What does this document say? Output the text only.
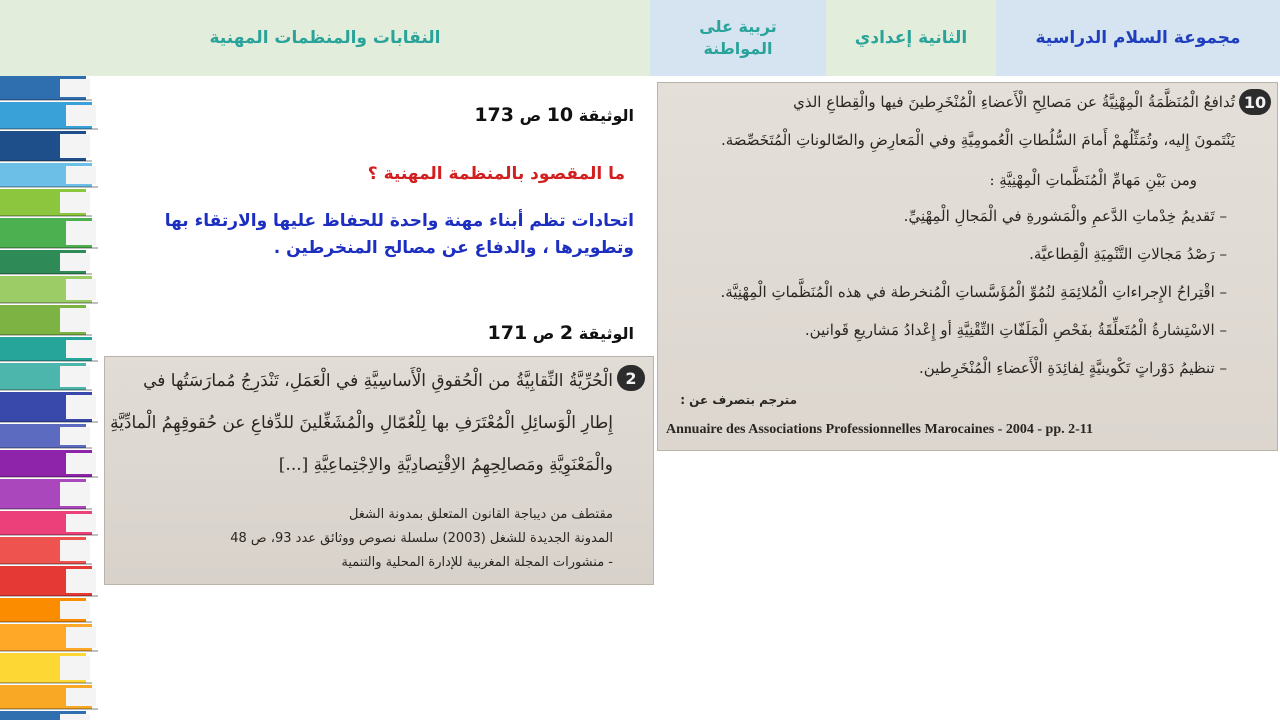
النقابات والمنظمات المهنية
تربية على المواطنة
الثانية إعدادي	مجموعة السلام الدراسية
الوثيقة 10 ص 173
ما المقصود بالمنظمة المهنية ؟
اتحادات تظم أبناء مهنة واحدة للحفاظ عليها والارتقاء بها وتطويرها ، والدفاع عن مصالح المنخرطين .
الوثيقة 2 ص 171
10
تُدافعُ الْمُنَظَّمَةُ الْمِهْنِيَّةُ عن مَصالِحِ الْأَعضاءِ الْمُنْخَرِطينَ فيها والْقِطاعِ الذي
يَنْتَمونَ إِليه، وتُمَثِّلُهمْ أَمامَ السُّلُطاتِ الْعُمومِيَّةِ وفي الْمَعارِضِ والصّالوناتِ الْمُتَخَصِّصَة.
ومن بَيْنِ مَهامِّ الْمُنَظَّماتِ الْمِهْنِيَّةِ :
– تَقديمُ خِدْماتِ الدَّعمِ والْمَشورةِ في الْمَجالِ الْمِهْنِيِّ.
– رَصْدُ مَجالاتِ التَّنْمِيَةِ الْقِطاعيَّة.
– اقْتِراحُ الإِجراءاتِ الْمُلائِمَةِ لنُمُوِّ الْمُؤَسَّساتِ الْمُنخرطة في هذه الْمُنَظَّماتِ الْمِهْنِيَّة.
– الاسْتِشارةُ الْمُتَعلِّقَةُ بفَحْصِ الْمَلَفّاتِ التِّقْنِيَّةِ أو إِعْدادُ مَشاريعِ قَوانين.
– تنظيمُ دَوْراتٍ تَكْوينيَّةٍ لِفائِدَةِ الْأَعضاءِ الْمُنْخَرِطين.
مترجم بتصرف عن :
Annuaire des Associations Professionnelles Marocaines - 2004 - pp. 2-11
2
الْحُرِّيَّةُ النِّقابِيَّةُ من الْحُقوقِ الْأَساسِيَّةِ في الْعَمَلِ، تَنْدَرِجُ مُمارَسَتُها في
إِطارِ الْوَسائِلِ الْمُعْتَرَفِ بها لِلْعُمّالِ والْمُشَغِّلينَ للدِّفاعِ عن حُقوقِهِمُ الْمادِّيَّةِ
والْمَعْنَوِيَّةِ ومَصالِحِهِمُ الاِقْتِصادِيَّةِ والاِجْتِماعِيَّةِ [...]
مقتطف من ديباجة القانون المتعلق بمدونة الشغل
المدونة الجديدة للشغل (2003) سلسلة نصوص ووثائق عدد 93، ص 48
- منشورات المجلة المغربية للإدارة المحلية والتنمية
